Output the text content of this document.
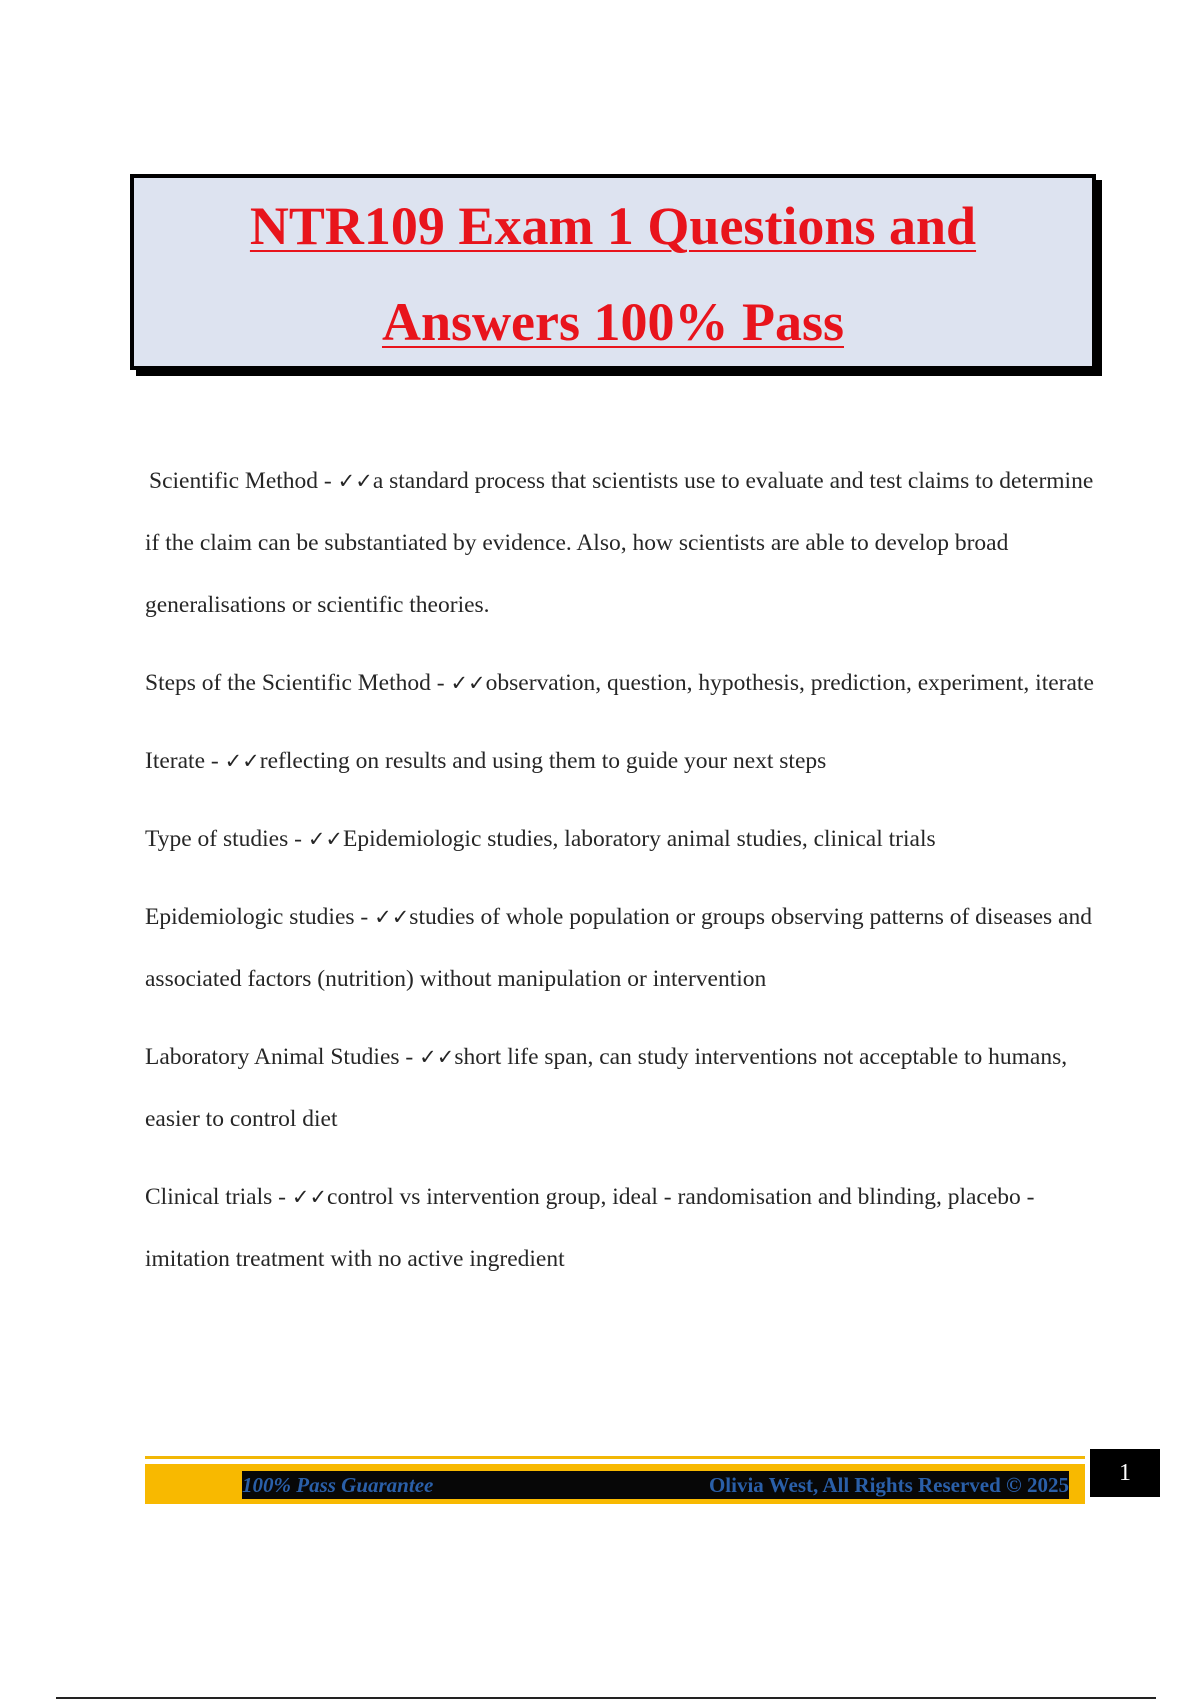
NTR109 Exam 1 Questions and
Answers 100% Pass

Scientific Method - ✓✓a standard process that scientists use to evaluate and test claims to determine if the claim can be substantiated by evidence. Also, how scientists are able to develop broad generalisations or scientific theories.

Steps of the Scientific Method - ✓✓observation, question, hypothesis, prediction, experiment, iterate

Iterate - ✓✓reflecting on results and using them to guide your next steps

Type of studies - ✓✓Epidemiologic studies, laboratory animal studies, clinical trials

Epidemiologic studies - ✓✓studies of whole population or groups observing patterns of diseases and associated factors (nutrition) without manipulation or intervention

Laboratory Animal Studies - ✓✓short life span, can study interventions not acceptable to humans, easier to control diet

Clinical trials - ✓✓control vs intervention group, ideal - randomisation and blinding, placebo - imitation treatment with no active ingredient

100% Pass Guarantee	Olivia West, All Rights Reserved © 2025	1
